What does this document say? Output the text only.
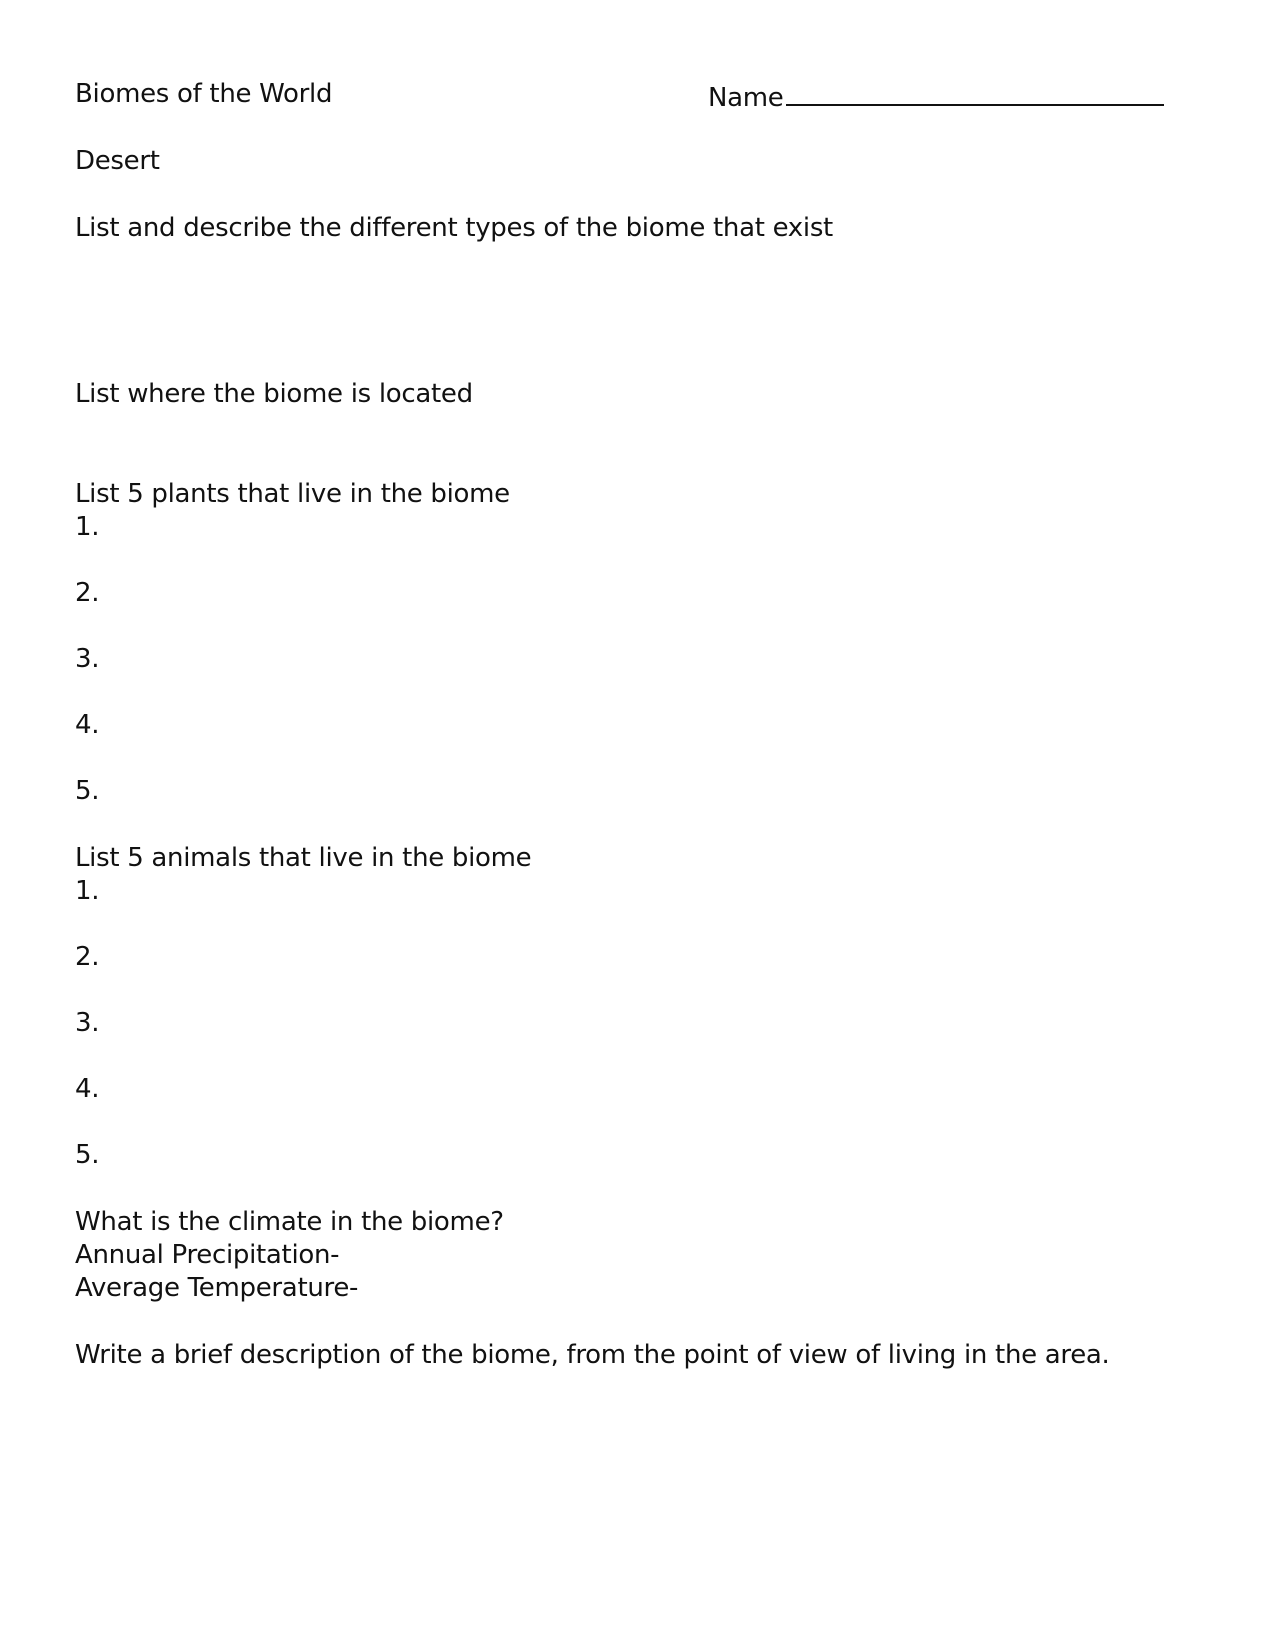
Biomes of the World	Name
Desert
List and describe the different types of the biome that exist
List where the biome is located
List 5 plants that live in the biome
1.
2.
3.
4.
5.
List 5 animals that live in the biome
1.
2.
3.
4.
5.
What is the climate in the biome?
Annual Precipitation-
Average Temperature-
Write a brief description of the biome, from the point of view of living in the area.
